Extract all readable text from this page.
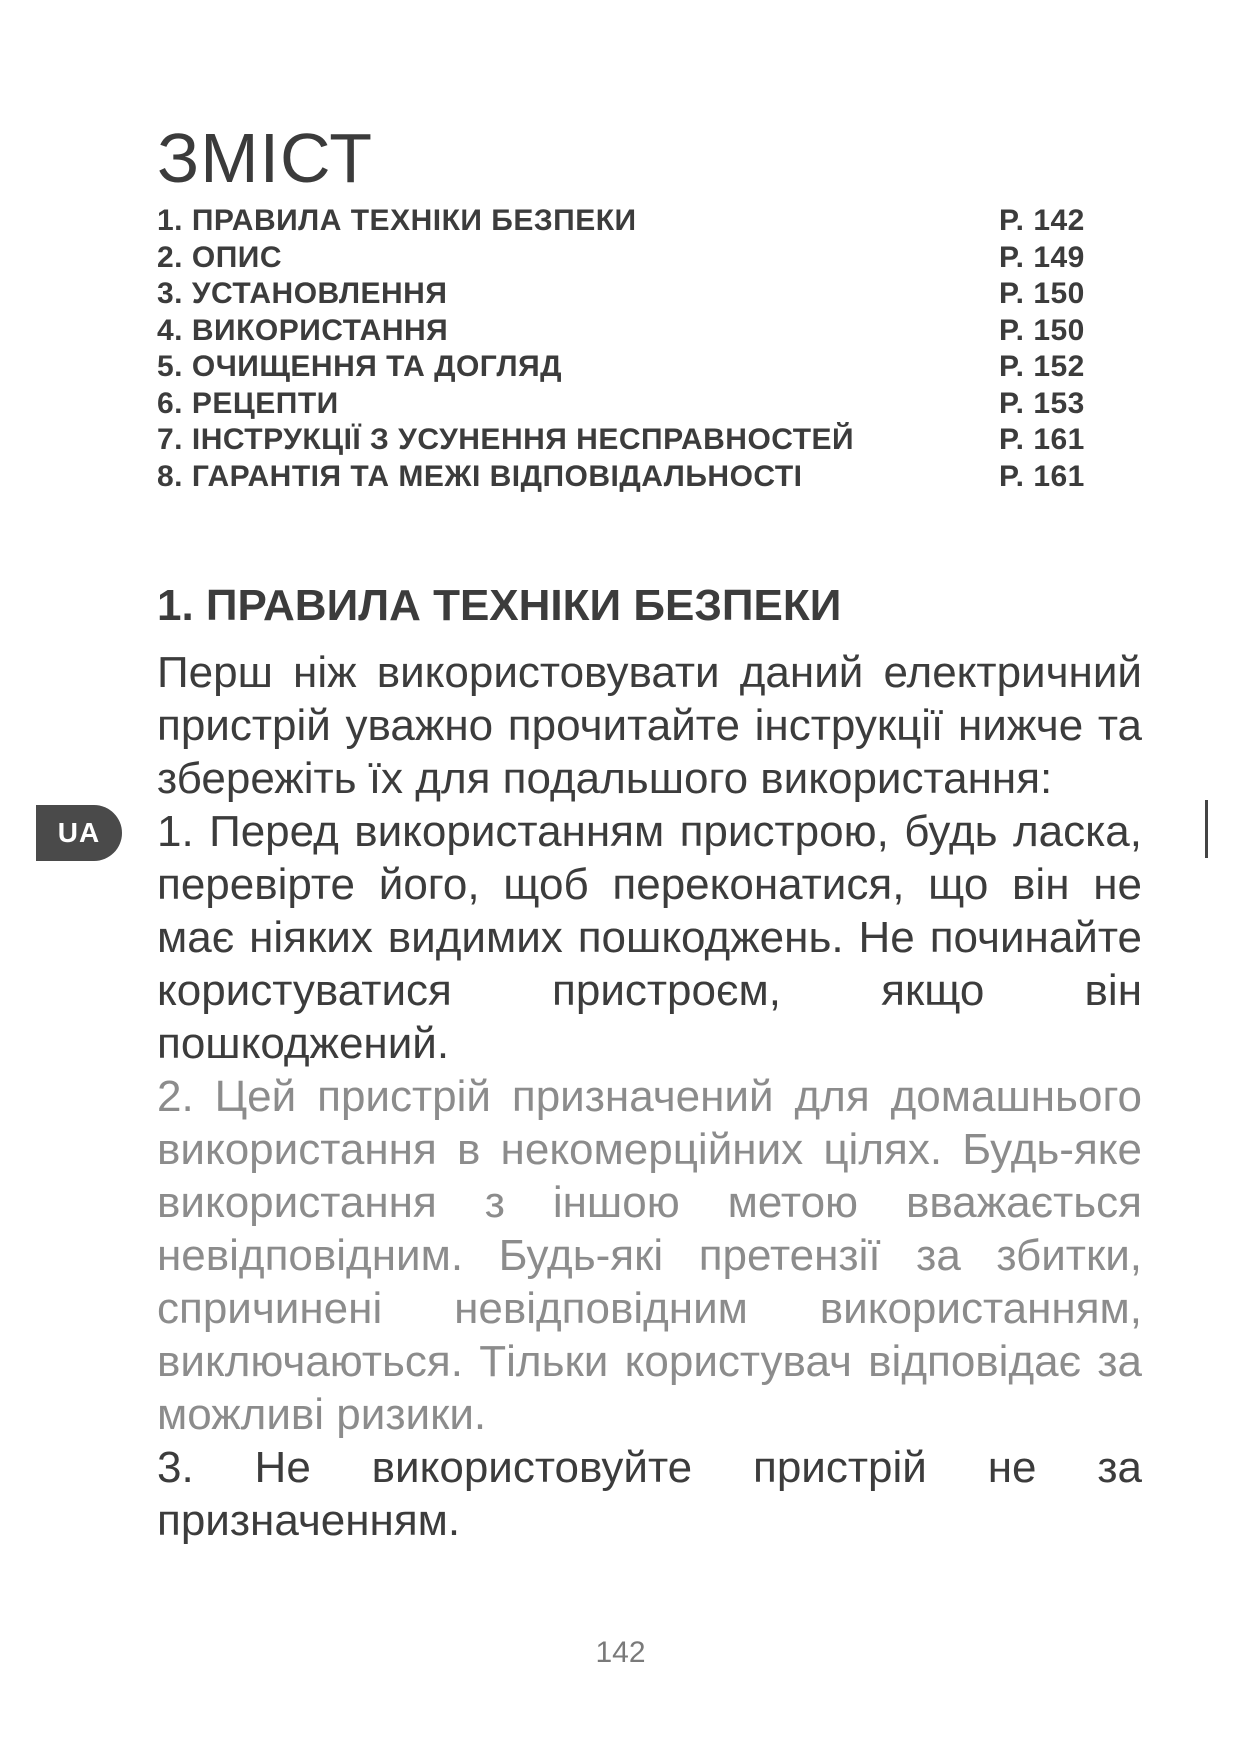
ЗМІСТ
1. ПРАВИЛА ТЕХНІКИ БЕЗПЕКИ	P. 142
2. ОПИС	P. 149
3. УСТАНОВЛЕННЯ	P. 150
4. ВИКОРИСТАННЯ	P. 150
5. ОЧИЩЕННЯ ТА ДОГЛЯД	P. 152
6. РЕЦЕПТИ	P. 153
7. ІНСТРУКЦІЇ З УСУНЕННЯ НЕСПРАВНОСТЕЙ	P. 161
8. ГАРАНТІЯ ТА МЕЖІ ВІДПОВІДАЛЬНОСТІ	P. 161
1. ПРАВИЛА ТЕХНІКИ БЕЗПЕКИ

Перш ніж використовувати даний електричний пристрій уважно прочитайте інструкції нижче та збережіть їх для подальшого використання:

1. Перед використанням пристрою, будь ласка, перевірте його, щоб переконатися, що він не має ніяких видимих пошкоджень. Не починайте користуватися пристроєм, якщо він пошкоджений.

2. Цей пристрій призначений для домашнього використання в некомерційних цілях. Будь-яке використання з іншою метою вважається невідповідним. Будь-які претензії за збитки, спричинені невідповідним використанням, виключаються. Тільки користувач відповідає за можливі ризики.

3. Не використовуйте пристрій не за призначенням.

UA
142
